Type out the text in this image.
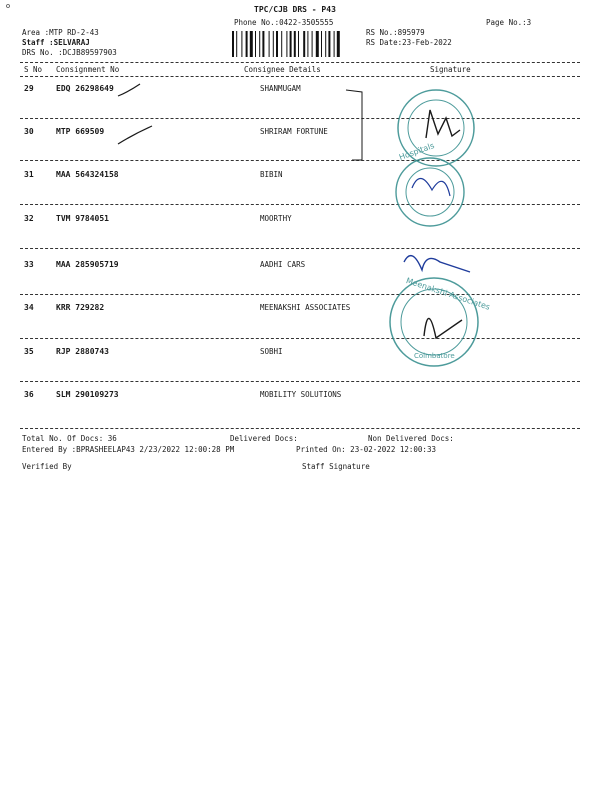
TPC/CJB DRS - P43
Phone No.:0422-3505555	Page No.:3
Area :MTP RD-2-43
Staff :SELVARAJ
DRS No. :DCJB89597903
RS No.:895979
RS Date:23-Feb-2022
S No Consignment No	Consignee Details	Signature
29	EDQ 26298649	SHANMUGAM
30	MTP 669509	SHRIRAM FORTUNE
31	MAA 564324158	BIBIN
32	TVM 9784051	MOORTHY
33	MAA 285905719	AADHI CARS
34	KRR 729282	MEENAKSHI ASSOCIATES
35	RJP 2880743	SOBHI
36	SLM 290109273	MOBILITY SOLUTIONS
Total No. Of Docs: 36	Delivered Docs:	Non Delivered Docs:
Entered By :BPRASHEELAP43 2/23/2022 12:00:28 PM	Printed On: 23-02-2022 12:00:33
Verified By	Staff Signature
Hospitals
Meenakshi Associates
Coimbatore
Dr.Bhe...
Rajesh
Surest
Hospitals
Thr 98948 56977
8220945265
For
8122 63 79963469
B.A.Sekar B.Sc
8122393720
